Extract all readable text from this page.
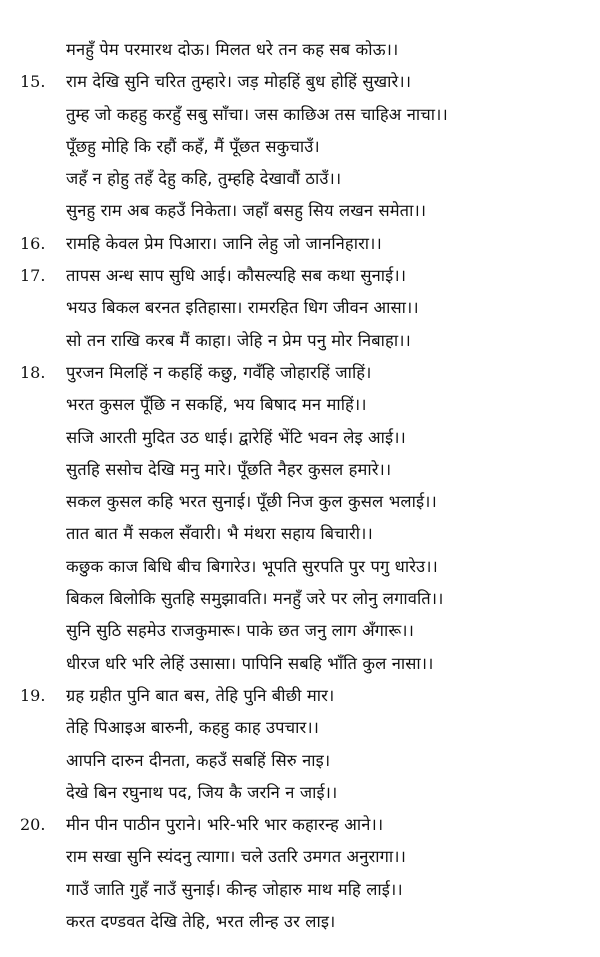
मनहुँ पेम परमारथ दोऊ। मिलत धरे तन कह सब कोऊ।।
15. राम देखि सुनि चरित तुम्हारे। जड़ मोहहिं बुध होहिं सुखारे।।
तुम्ह जो कहहु करहुँ सबु साँचा। जस काछिअ तस चाहिअ नाचा।।
पूँछहु मोहि कि रहौं कहँ, मैं पूँछत सकुचाउँ।
जहँ न होहु तहँ देहु कहि, तुम्हहि देखावौं ठाउँ।।
सुनहु राम अब कहउँ निकेता। जहाँ बसहु सिय लखन समेता।।
16. रामहि केवल प्रेम पिआरा। जानि लेहु जो जाननिहारा।।
17. तापस अन्ध साप सुधि आई। कौसल्यहि सब कथा सुनाई।।
भयउ बिकल बरनत इतिहासा। रामरहित धिग जीवन आसा।।
सो तन राखि करब मैं काहा। जेहि न प्रेम पनु मोर निबाहा।।
18. पुरजन मिलहिं न कहहिं कछु, गवँहि जोहारहिं जाहिं।
भरत कुसल पूँछि न सकहिं, भय बिषाद मन माहिं।।
सजि आरती मुदित उठ धाई। द्वारेहिं भेंटि भवन लेइ आई।।
सुतहि ससोच देखि मनु मारे। पूँछति नैहर कुसल हमारे।।
सकल कुसल कहि भरत सुनाई। पूँछी निज कुल कुसल भलाई।।
तात बात मैं सकल सँवारी। भै मंथरा सहाय बिचारी।।
कछुक काज बिधि बीच बिगारेउ। भूपति सुरपति पुर पगु धारेउ।।
बिकल बिलोकि सुतहि समुझावति। मनहुँ जरे पर लोनु लगावति।।
सुनि सुठि सहमेउ राजकुमारू। पाके छत जनु लाग अँगारू।।
धीरज धरि भरि लेहिं उसासा। पापिनि सबहि भाँति कुल नासा।।
19. ग्रह ग्रहीत पुनि बात बस, तेहि पुनि बीछी मार।
तेहि पिआइअ बारुनी, कहहु काह उपचार।।
आपनि दारुन दीनता, कहउँ सबहिं सिरु नाइ।
देखे बिन रघुनाथ पद, जिय कै जरनि न जाई।।
20. मीन पीन पाठीन पुराने। भरि-भरि भार कहारन्ह आने।।
राम सखा सुनि स्यंदनु त्यागा। चले उतरि उमगत अनुरागा।।
गाउँ जाति गुहँ नाउँ सुनाई। कीन्ह जोहारु माथ महि लाई।।
करत दण्डवत देखि तेहि, भरत लीन्ह उर लाइ।
